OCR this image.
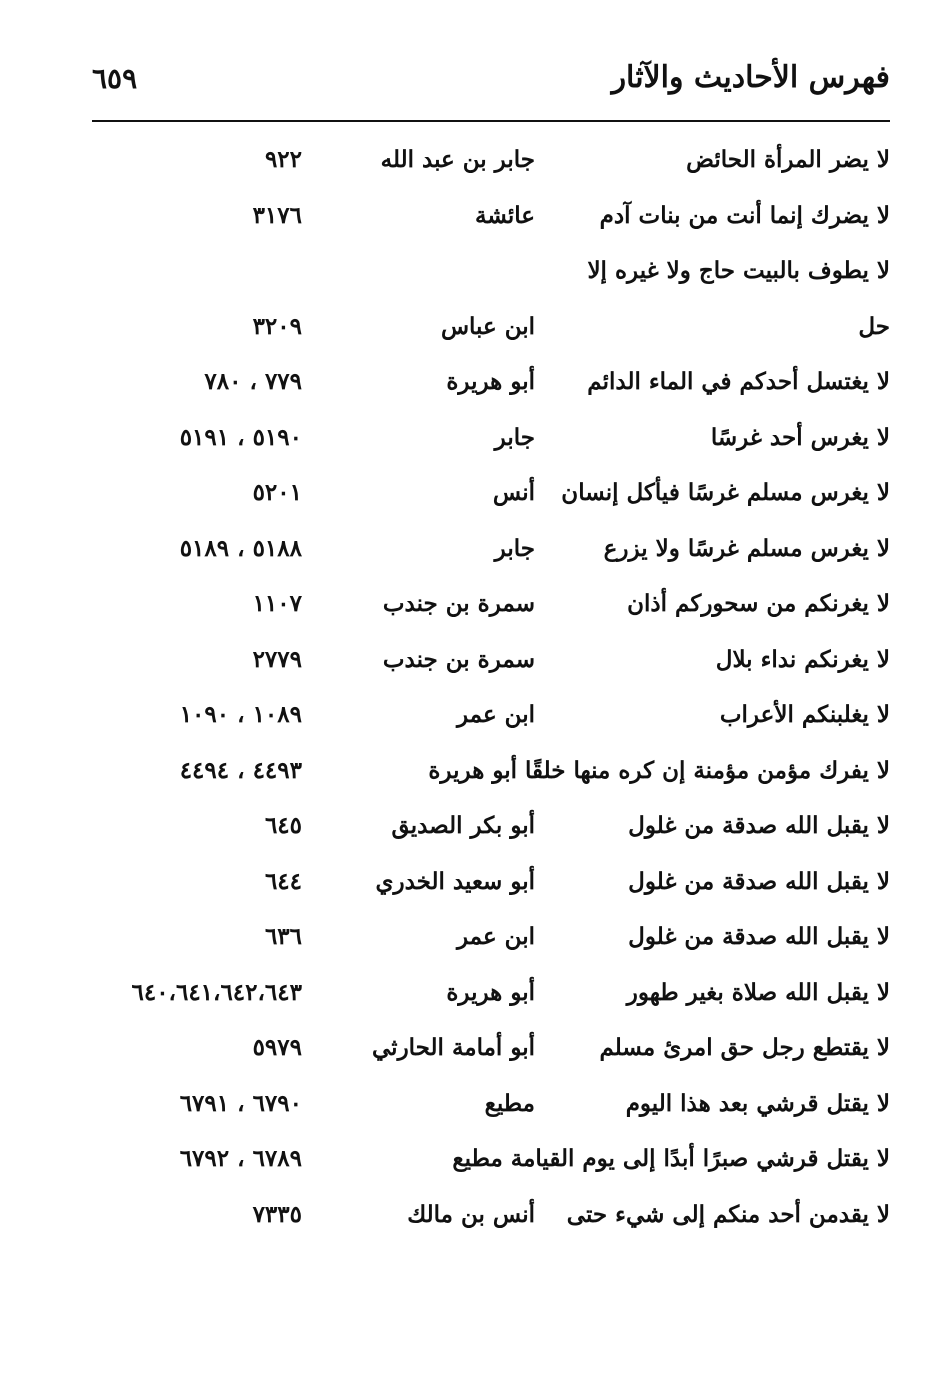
فهرس الأحاديث والآثار
٦٥٩
لا يضر المرأة الحائض
جابر بن عبد الله
٩٢٢
لا يضرك إنما أنت من بنات آدم
عائشة
٣١٧٦
لا يطوف بالبيت حاج ولا غيره إلا
حل
ابن عباس
٣٢٠٩
لا يغتسل أحدكم في الماء الدائم
أبو هريرة
٧٧٩ ، ٧٨٠
لا يغرس أحد غرسًا
جابر
٥١٩٠ ، ٥١٩١
لا يغرس مسلم غرسًا فيأكل إنسان
أنس
٥٢٠١
لا يغرس مسلم غرسًا ولا يزرع
جابر
٥١٨٨ ، ٥١٨٩
لا يغرنكم من سحوركم أذان
سمرة بن جندب
١١٠٧
لا يغرنكم نداء بلال
سمرة بن جندب
٢٧٧٩
لا يغلبنكم الأعراب
ابن عمر
١٠٨٩ ، ١٠٩٠
لا يفرك مؤمن مؤمنة إن كره منها خلقًا أبو هريرة
٤٤٩٣ ، ٤٤٩٤
لا يقبل الله صدقة من غلول
أبو بكر الصديق
٦٤٥
لا يقبل الله صدقة من غلول
أبو سعيد الخدري
٦٤٤
لا يقبل الله صدقة من غلول
ابن عمر
٦٣٦
لا يقبل الله صلاة بغير طهور
أبو هريرة
٦٤٠،٦٤١،٦٤٢،٦٤٣
لا يقتطع رجل حق امرئ مسلم
أبو أمامة الحارثي
٥٩٧٩
لا يقتل قرشي بعد هذا اليوم
مطيع
٦٧٩٠ ، ٦٧٩١
لا يقتل قرشي صبرًا أبدًا إلى يوم القيامة مطيع
٦٧٨٩ ، ٦٧٩٢
لا يقدمن أحد منكم إلى شيء حتى
أنس بن مالك
٧٣٣٥
